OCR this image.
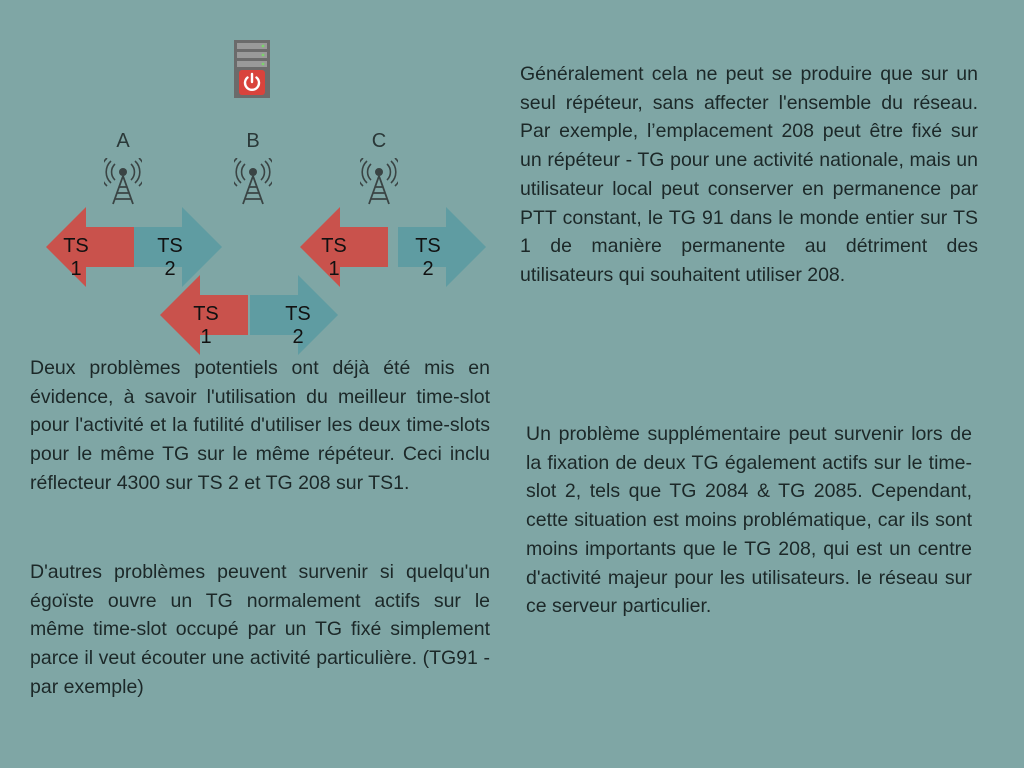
A	B	C
TS
1
TS
2
TS
1
TS
2
TS
1
TS
2
Généralement cela ne peut se produire que sur un seul répéteur, sans affecter l'ensemble du réseau. Par exemple, l’emplacement 208 peut être fixé sur un répéteur - TG pour une activité nationale, mais un utilisateur local peut conserver en permanence par PTT constant, le TG 91 dans le monde entier sur TS 1 de manière permanente au détriment des utilisateurs qui souhaitent utiliser 208.
Deux problèmes potentiels ont déjà été mis en évidence, à savoir l'utilisation du meilleur time-slot pour l'activité et la futilité d'utiliser les deux time-slots pour le même TG sur le même répéteur. Ceci inclu réflecteur 4300 sur TS 2 et TG 208 sur TS1.
D'autres problèmes peuvent survenir si quelqu'un égoïste ouvre un TG normalement actifs sur le même time-slot occupé par un TG fixé simplement parce il veut écouter une activité particulière. (TG91 - par exemple)
Un problème supplémentaire peut survenir lors de la fixation de deux TG également actifs sur le time-slot 2, tels que TG 2084 & TG 2085. Cependant, cette situation est moins problématique, car ils sont moins importants que le TG 208, qui est un centre d'activité majeur pour les utilisateurs. le réseau sur ce serveur particulier.
